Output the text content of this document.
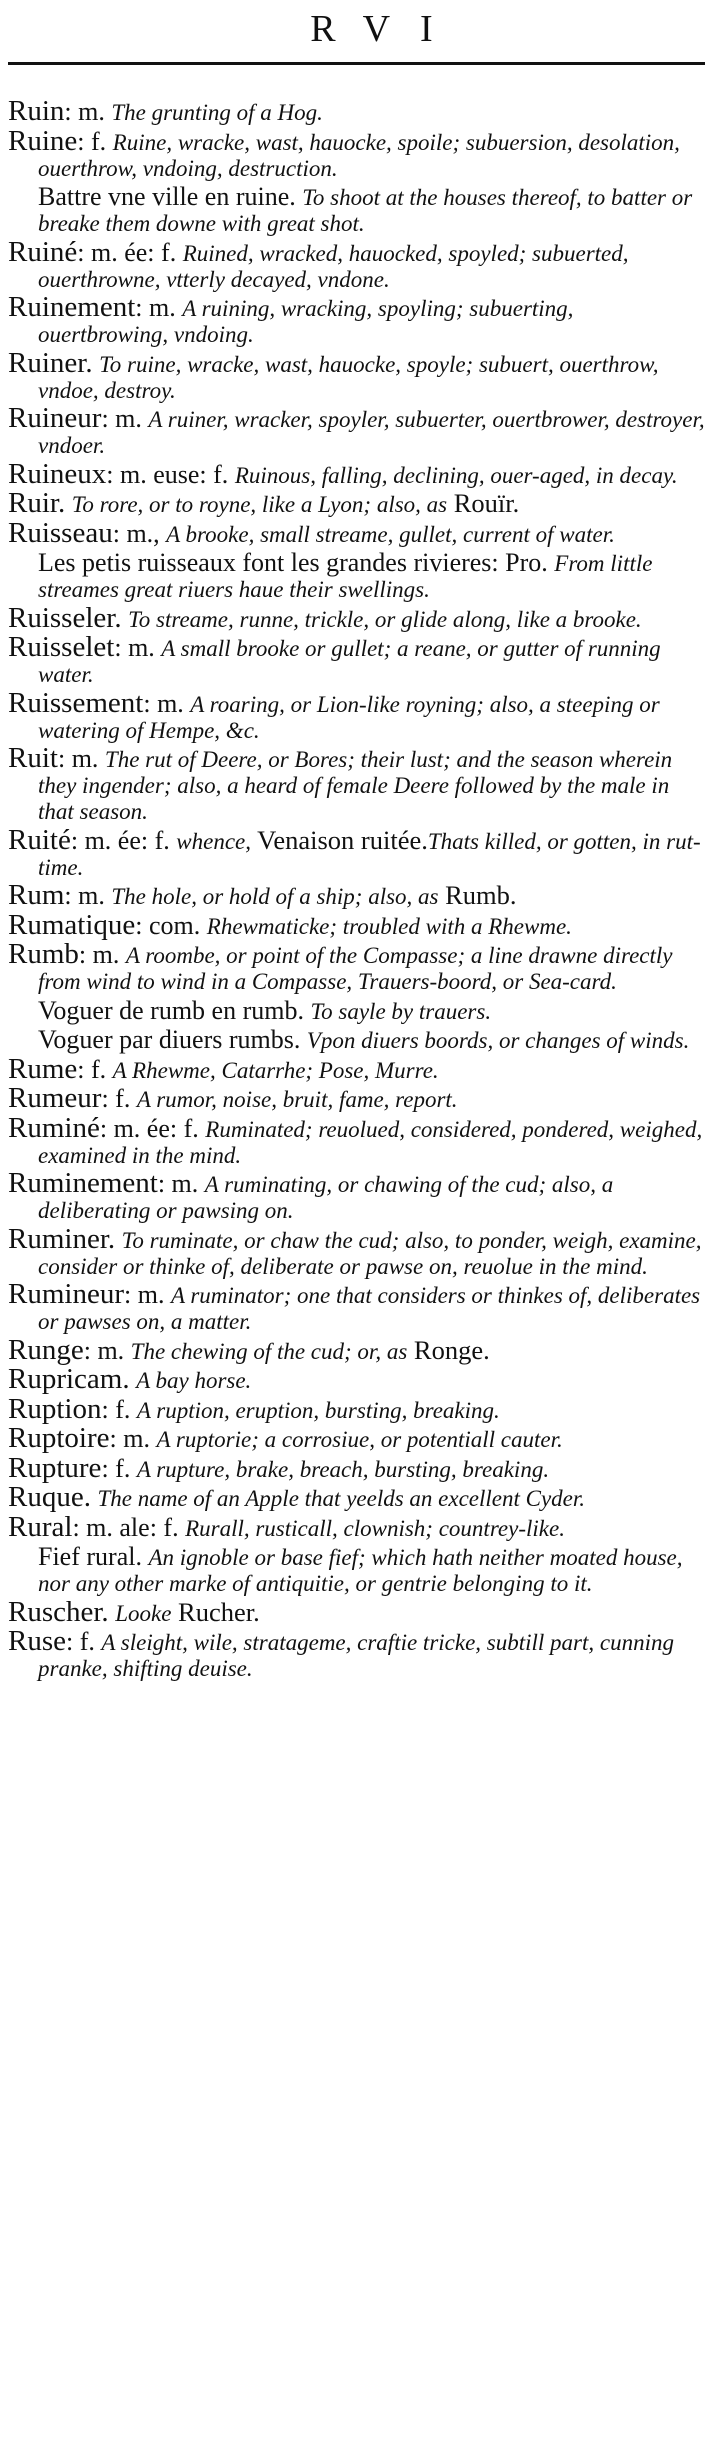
RVI
Ruin: m. The grunting of a Hog.
Ruine: f. Ruine, wracke, wast, hauocke, spoile; subuersion, desolation, ouerthrow, vndoing, destruction.
Battre vne ville en ruine. To shoot at the houses thereof, to batter or breake them downe with great shot.
Ruiné: m. ée: f. Ruined, wracked, hauocked, spoyled; subuerted, ouerthrowne, vtterly decayed, vndone.
Ruinement: m. A ruining, wracking, spoyling; subuerting, ouertbrowing, vndoing.
Ruiner. To ruine, wracke, wast, hauocke, spoyle; subuert, ouerthrow, vndoe, destroy.
Ruineur: m. A ruiner, wracker, spoyler, subuerter, ouertbrower, destroyer, vndoer.
Ruineux: m. euse: f. Ruinous, falling, declining, ouer-aged, in decay.
Ruir. To rore, or to royne, like a Lyon; also, as Rouïr.
Ruisseau: m., A brooke, small streame, gullet, current of water.
Les petis ruisseaux font les grandes rivieres: Pro. From little streames great riuers haue their swellings.
Ruisseler. To streame, runne, trickle, or glide along, like a brooke.
Ruisselet: m. A small brooke or gullet; a reane, or gutter of running water.
Ruissement: m. A roaring, or Lion-like royning; also, a steeping or watering of Hempe, &c.
Ruit: m. The rut of Deere, or Bores; their lust; and the season wherein they ingender; also, a heard of female Deere followed by the male in that season.
Ruité: m. ée: f. whence, Venaison ruitée.Thats killed, or gotten, in rut-time.
Rum: m. The hole, or hold of a ship; also, as Rumb.
Rumatique: com. Rhewmaticke; troubled with a Rhewme.
Rumb: m. A roombe, or point of the Compasse; a line drawne directly from wind to wind in a Compasse, Trauers-boord, or Sea-card.
Voguer de rumb en rumb. To sayle by trauers.
Voguer par diuers rumbs. Vpon diuers boords, or changes of winds.
Rume: f. A Rhewme, Catarrhe; Pose, Murre.
Rumeur: f. A rumor, noise, bruit, fame, report.
Ruminé: m. ée: f. Ruminated; reuolued, considered, pondered, weighed, examined in the mind.
Ruminement: m. A ruminating, or chawing of the cud; also, a deliberating or pawsing on.
Ruminer. To ruminate, or chaw the cud; also, to ponder, weigh, examine, consider or thinke of, deliberate or pawse on, reuolue in the mind.
Rumineur: m. A ruminator; one that considers or thinkes of, deliberates or pawses on, a matter.
Runge: m. The chewing of the cud; or, as Ronge.
Rupricam. A bay horse.
Ruption: f. A ruption, eruption, bursting, breaking.
Ruptoire: m. A ruptorie; a corrosiue, or potentiall cauter.
Rupture: f. A rupture, brake, breach, bursting, breaking.
Ruque. The name of an Apple that yeelds an excellent Cyder.
Rural: m. ale: f. Rurall, rusticall, clownish; countrey-like.
Fief rural. An ignoble or base fief; which hath neither moated house, nor any other marke of antiquitie, or gentrie belonging to it.
Ruscher. Looke Rucher.
Ruse: f. A sleight, wile, stratageme, craftie tricke, subtill part, cunning pranke, shifting deuise.
